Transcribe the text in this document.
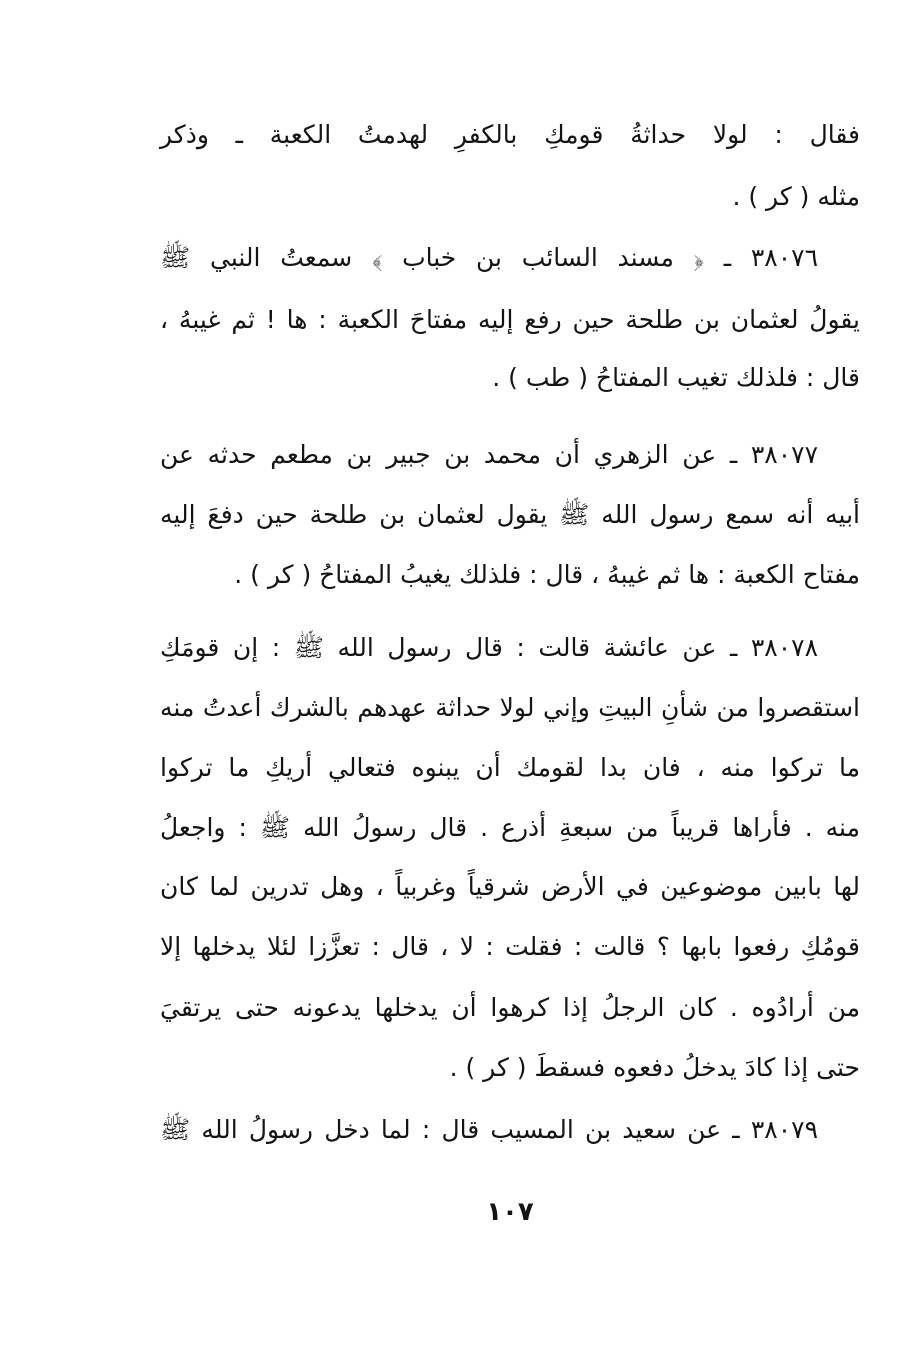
فقال : لولا حداثةُ قومكِ بالكفرِ لهدمتُ الكعبة ـ وذكر
مثله ( كر ) .
٣٨٠٧٦ ـ ﴿ مسند السائب بن خباب ﴾ سمعتُ النبي ﷺ
يقولُ لعثمان بن طلحة حين رفع إليه مفتاحَ الكعبة : ها ! ثم غيبهُ ،
قال : فلذلك تغيب المفتاحُ ( طب ) .
٣٨٠٧٧ ـ عن الزهري أن محمد بن جبير بن مطعم حدثه عن
أبيه أنه سمع رسول الله ﷺ يقول لعثمان بن طلحة حين دفعَ إليه
مفتاح الكعبة : ها ثم غيبهُ ، قال : فلذلك يغيبُ المفتاحُ ( كر ) .
٣٨٠٧٨ ـ عن عائشة قالت : قال رسول الله ﷺ : إن قومَكِ
استقصروا من شأنِ البيتِ وإني لولا حداثة عهدهم بالشرك أعدتُ منه
ما تركوا منه ، فان بدا لقومك أن يبنوه فتعالي أريكِ ما تركوا
منه . فأراها قريباً من سبعةِ أذرع . قال رسولُ الله ﷺ : واجعلُ
لها بابين موضوعين في الأرض شرقياً وغربياً ، وهل تدرين لما كان
قومُكِ رفعوا بابها ؟ قالت : فقلت : لا ، قال : تعزَّزا لئلا يدخلها إلا
من أرادُوه . كان الرجلُ إذا كرهوا أن يدخلها يدعونه حتى يرتقيَ
حتى إذا كادَ يدخلُ دفعوه فسقطَ ( كر ) .
٣٨٠٧٩ ـ عن سعيد بن المسيب قال : لما دخل رسولُ الله ﷺ
١٠٧
